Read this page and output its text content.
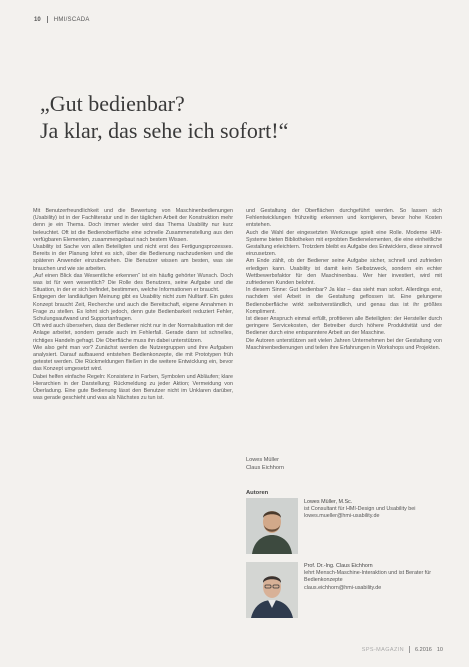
10 HMI/SCADA
„Gut bedienbar?
Ja klar, das sehe ich sofort!“

Mit Benutzerfreundlichkeit und die Bewertung von Maschinenbedienungen (Usability) ist in der Fachliteratur und in der täglichen Arbeit der Konstruktion mehr denn je ein Thema. Doch immer wieder wird das Thema Usability nur kurz beleuchtet. Oft ist die Bedienoberfläche eine schnelle Zusammenstellung aus den verfügbaren Elementen, zusammengebaut nach bestem Wissen.

Usability ist Sache von allen Beteiligten und nicht erst des Fertigungsprozesses. Bereits in der Planung lohnt es sich, über die Bedienung nachzudenken und die späteren Anwender einzubeziehen. Die Benutzer wissen am besten, was sie brauchen und wie sie arbeiten.

„Auf einen Blick das Wesentliche erkennen“ ist ein häufig gehörter Wunsch. Doch was ist für wen wesentlich? Die Rolle des Benutzers, seine Aufgabe und die Situation, in der er sich befindet, bestimmen, welche Informationen er braucht.

Entgegen der landläufigen Meinung gibt es Usability nicht zum Nulltarif. Ein gutes Konzept braucht Zeit, Recherche und auch die Bereitschaft, eigene Annahmen in Frage zu stellen. Es lohnt sich jedoch, denn gute Bedienbarkeit reduziert Fehler, Schulungsaufwand und Supportanfragen.

Oft wird auch übersehen, dass der Bediener nicht nur in der Normalsituation mit der Anlage arbeitet, sondern gerade auch im Fehlerfall. Gerade dann ist schnelles, richtiges Handeln gefragt. Die Oberfläche muss ihn dabei unterstützen.

Wie also geht man vor? Zunächst werden die Nutzergruppen und ihre Aufgaben analysiert. Darauf aufbauend entstehen Bedienkonzepte, die mit Prototypen früh getestet werden. Die Rückmeldungen fließen in die weitere Entwicklung ein, bevor das Konzept umgesetzt wird.

Dabei helfen einfache Regeln: Konsistenz in Farben, Symbolen und Abläufen; klare Hierarchien in der Darstellung; Rückmeldung zu jeder Aktion; Vermeidung von Überladung. Eine gute Bedienung lässt den Benutzer nicht im Unklaren darüber, was gerade geschieht und was als Nächstes zu tun ist.

und Gestaltung der Oberflächen durchgeführt werden. So lassen sich Fehlentwicklungen frühzeitig erkennen und korrigieren, bevor hohe Kosten entstehen.

Auch die Wahl der eingesetzten Werkzeuge spielt eine Rolle. Moderne HMI-Systeme bieten Bibliotheken mit erprobten Bedienelementen, die eine einheitliche Gestaltung erleichtern. Trotzdem bleibt es Aufgabe des Entwicklers, diese sinnvoll einzusetzen.

Am Ende zählt, ob der Bediener seine Aufgabe sicher, schnell und zufrieden erledigen kann. Usability ist damit kein Selbstzweck, sondern ein echter Wettbewerbsfaktor für den Maschinenbau. Wer hier investiert, wird mit zufriedenen Kunden belohnt.

In diesem Sinne: Gut bedienbar? Ja klar – das sieht man sofort. Allerdings erst, nachdem viel Arbeit in die Gestaltung geflossen ist. Eine gelungene Bedienoberfläche wirkt selbstverständlich, und genau das ist ihr größtes Kompliment.

Ist dieser Anspruch einmal erfüllt, profitieren alle Beteiligten: der Hersteller durch geringere Servicekosten, der Betreiber durch höhere Produktivität und der Bediener durch eine entspanntere Arbeit an der Maschine.

Die Autoren unterstützen seit vielen Jahren Unternehmen bei der Gestaltung von Maschinenbedienungen und teilen ihre Erfahrungen in Workshops und Projekten.

Lowes Müller
Claus Eichhorn
Autoren
Lowes Müller, M.Sc.
ist Consultant für HMI-Design und Usability bei
lowes.mueller@hmi-usability.de
Prof. Dr.-Ing. Claus Eichhorn
lehrt Mensch-Maschine-Interaktion und ist Berater für Bedienkonzepte
claus.eichhorn@hmi-usability.de
SPS-MAGAZIN 6.2016 10
